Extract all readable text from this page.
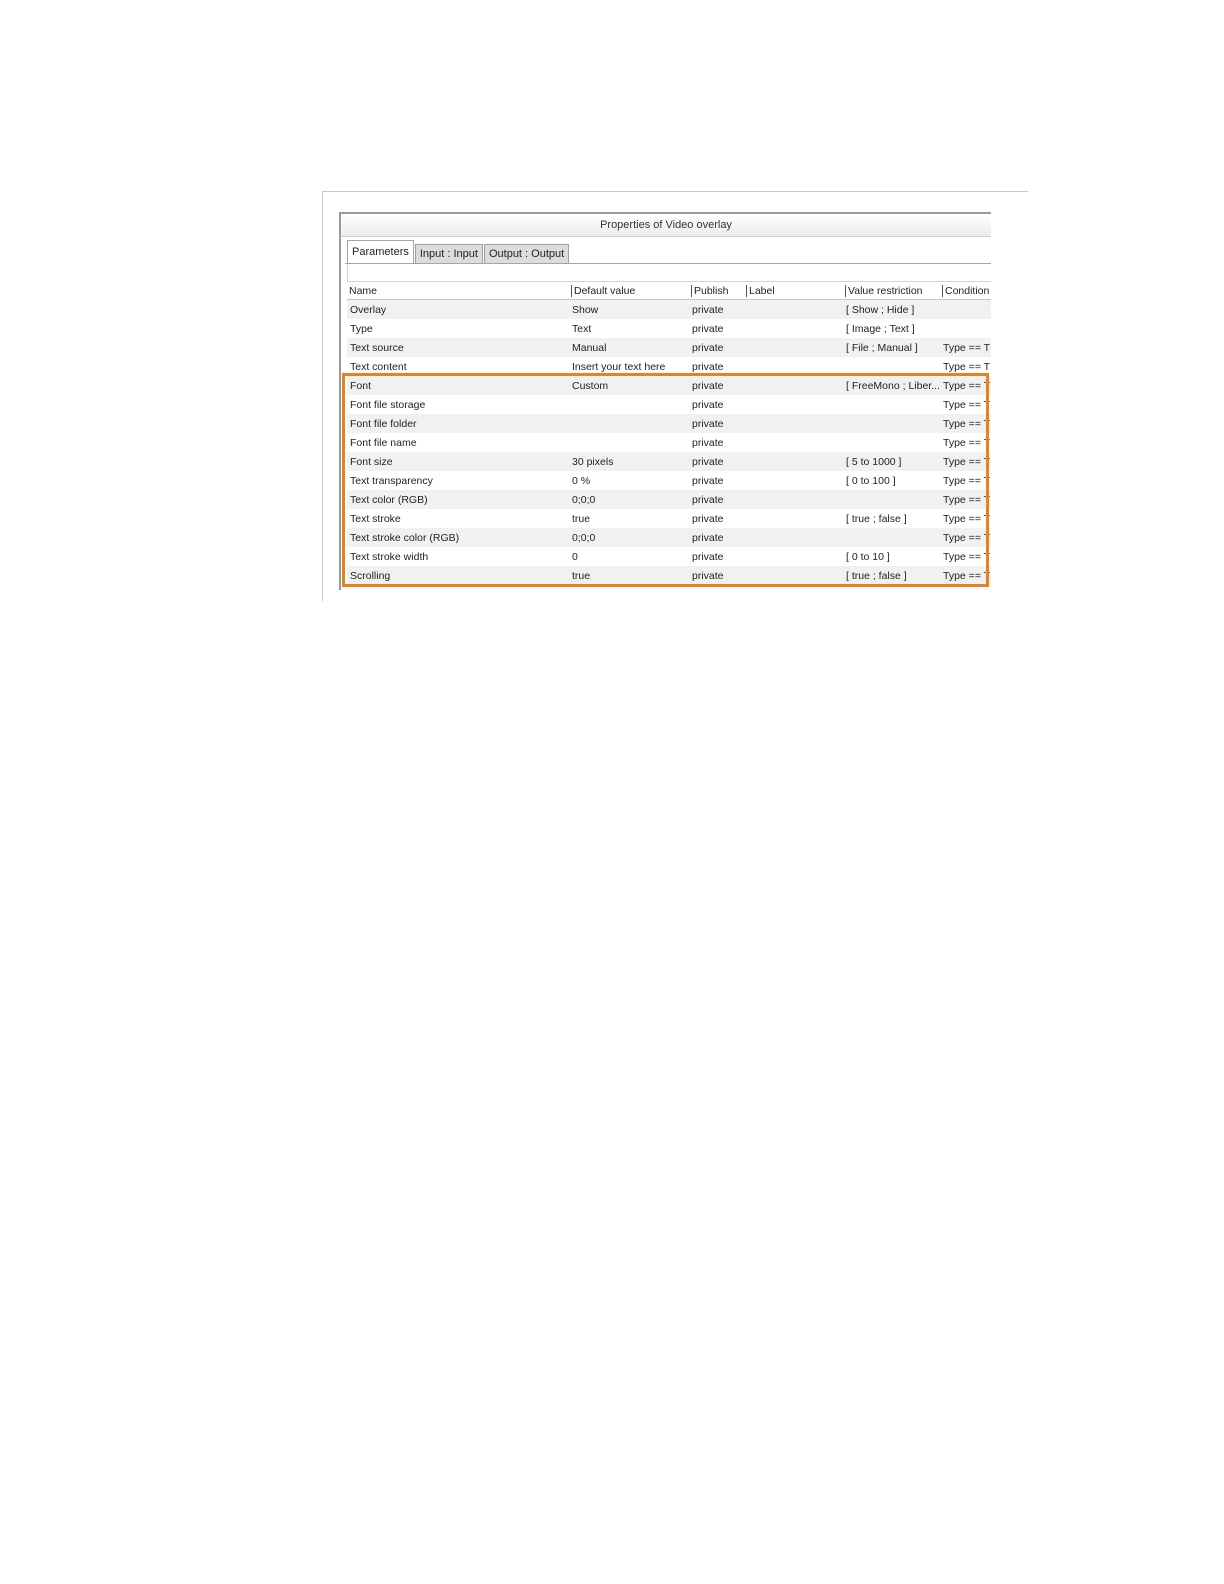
Properties of Video overlay
Parameters	Input : Input	Output : Output
Name	Default value	Publish	Label	Value restriction	Condition

Overlay	Show	private		[ Show ; Hide ]	
Type	Text	private		[ Image ; Text ]	
Text source	Manual	private		[ File ; Manual ]	Type == T
Text content	Insert your text here	private			Type == T
Font	Custom	private		[ FreeMono ; Liber...	Type == T
Font file storage		private			Type == T
Font file folder		private			Type == T
Font file name		private			Type == T
Font size	30 pixels	private		[ 5 to 1000 ]	Type == T
Text transparency	0 %	private		[ 0 to 100 ]	Type == T
Text color (RGB)	0;0;0	private			Type == T
Text stroke	true	private		[ true ; false ]	Type == T
Text stroke color (RGB)	0;0;0	private			Type == T
Text stroke width	0	private		[ 0 to 10 ]	Type == T
Scrolling	true	private		[ true ; false ]	Type == T
